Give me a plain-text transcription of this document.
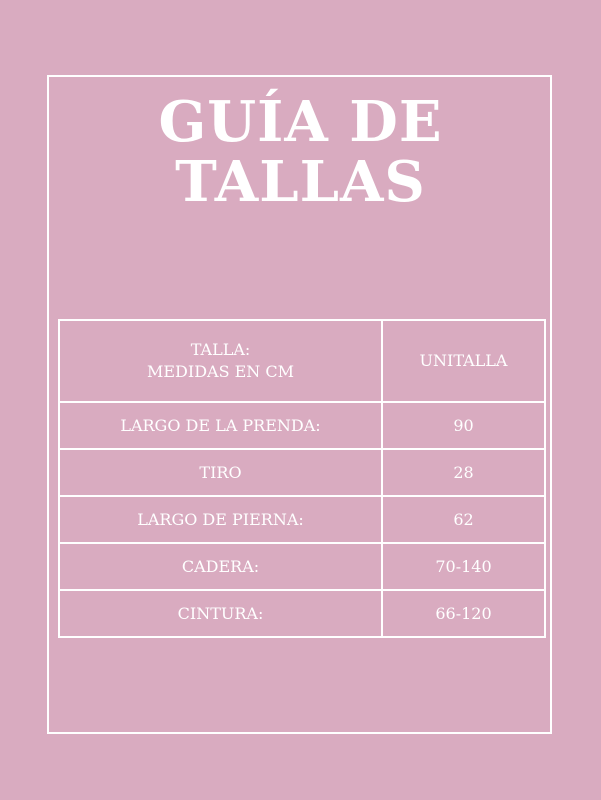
GUÍA DE
TALLAS
TALLA:
MEDIDAS EN CM	UNITALLA
LARGO DE LA PRENDA:	90
TIRO	28
LARGO DE PIERNA:	62
CADERA:	70-140
CINTURA:	66-120
